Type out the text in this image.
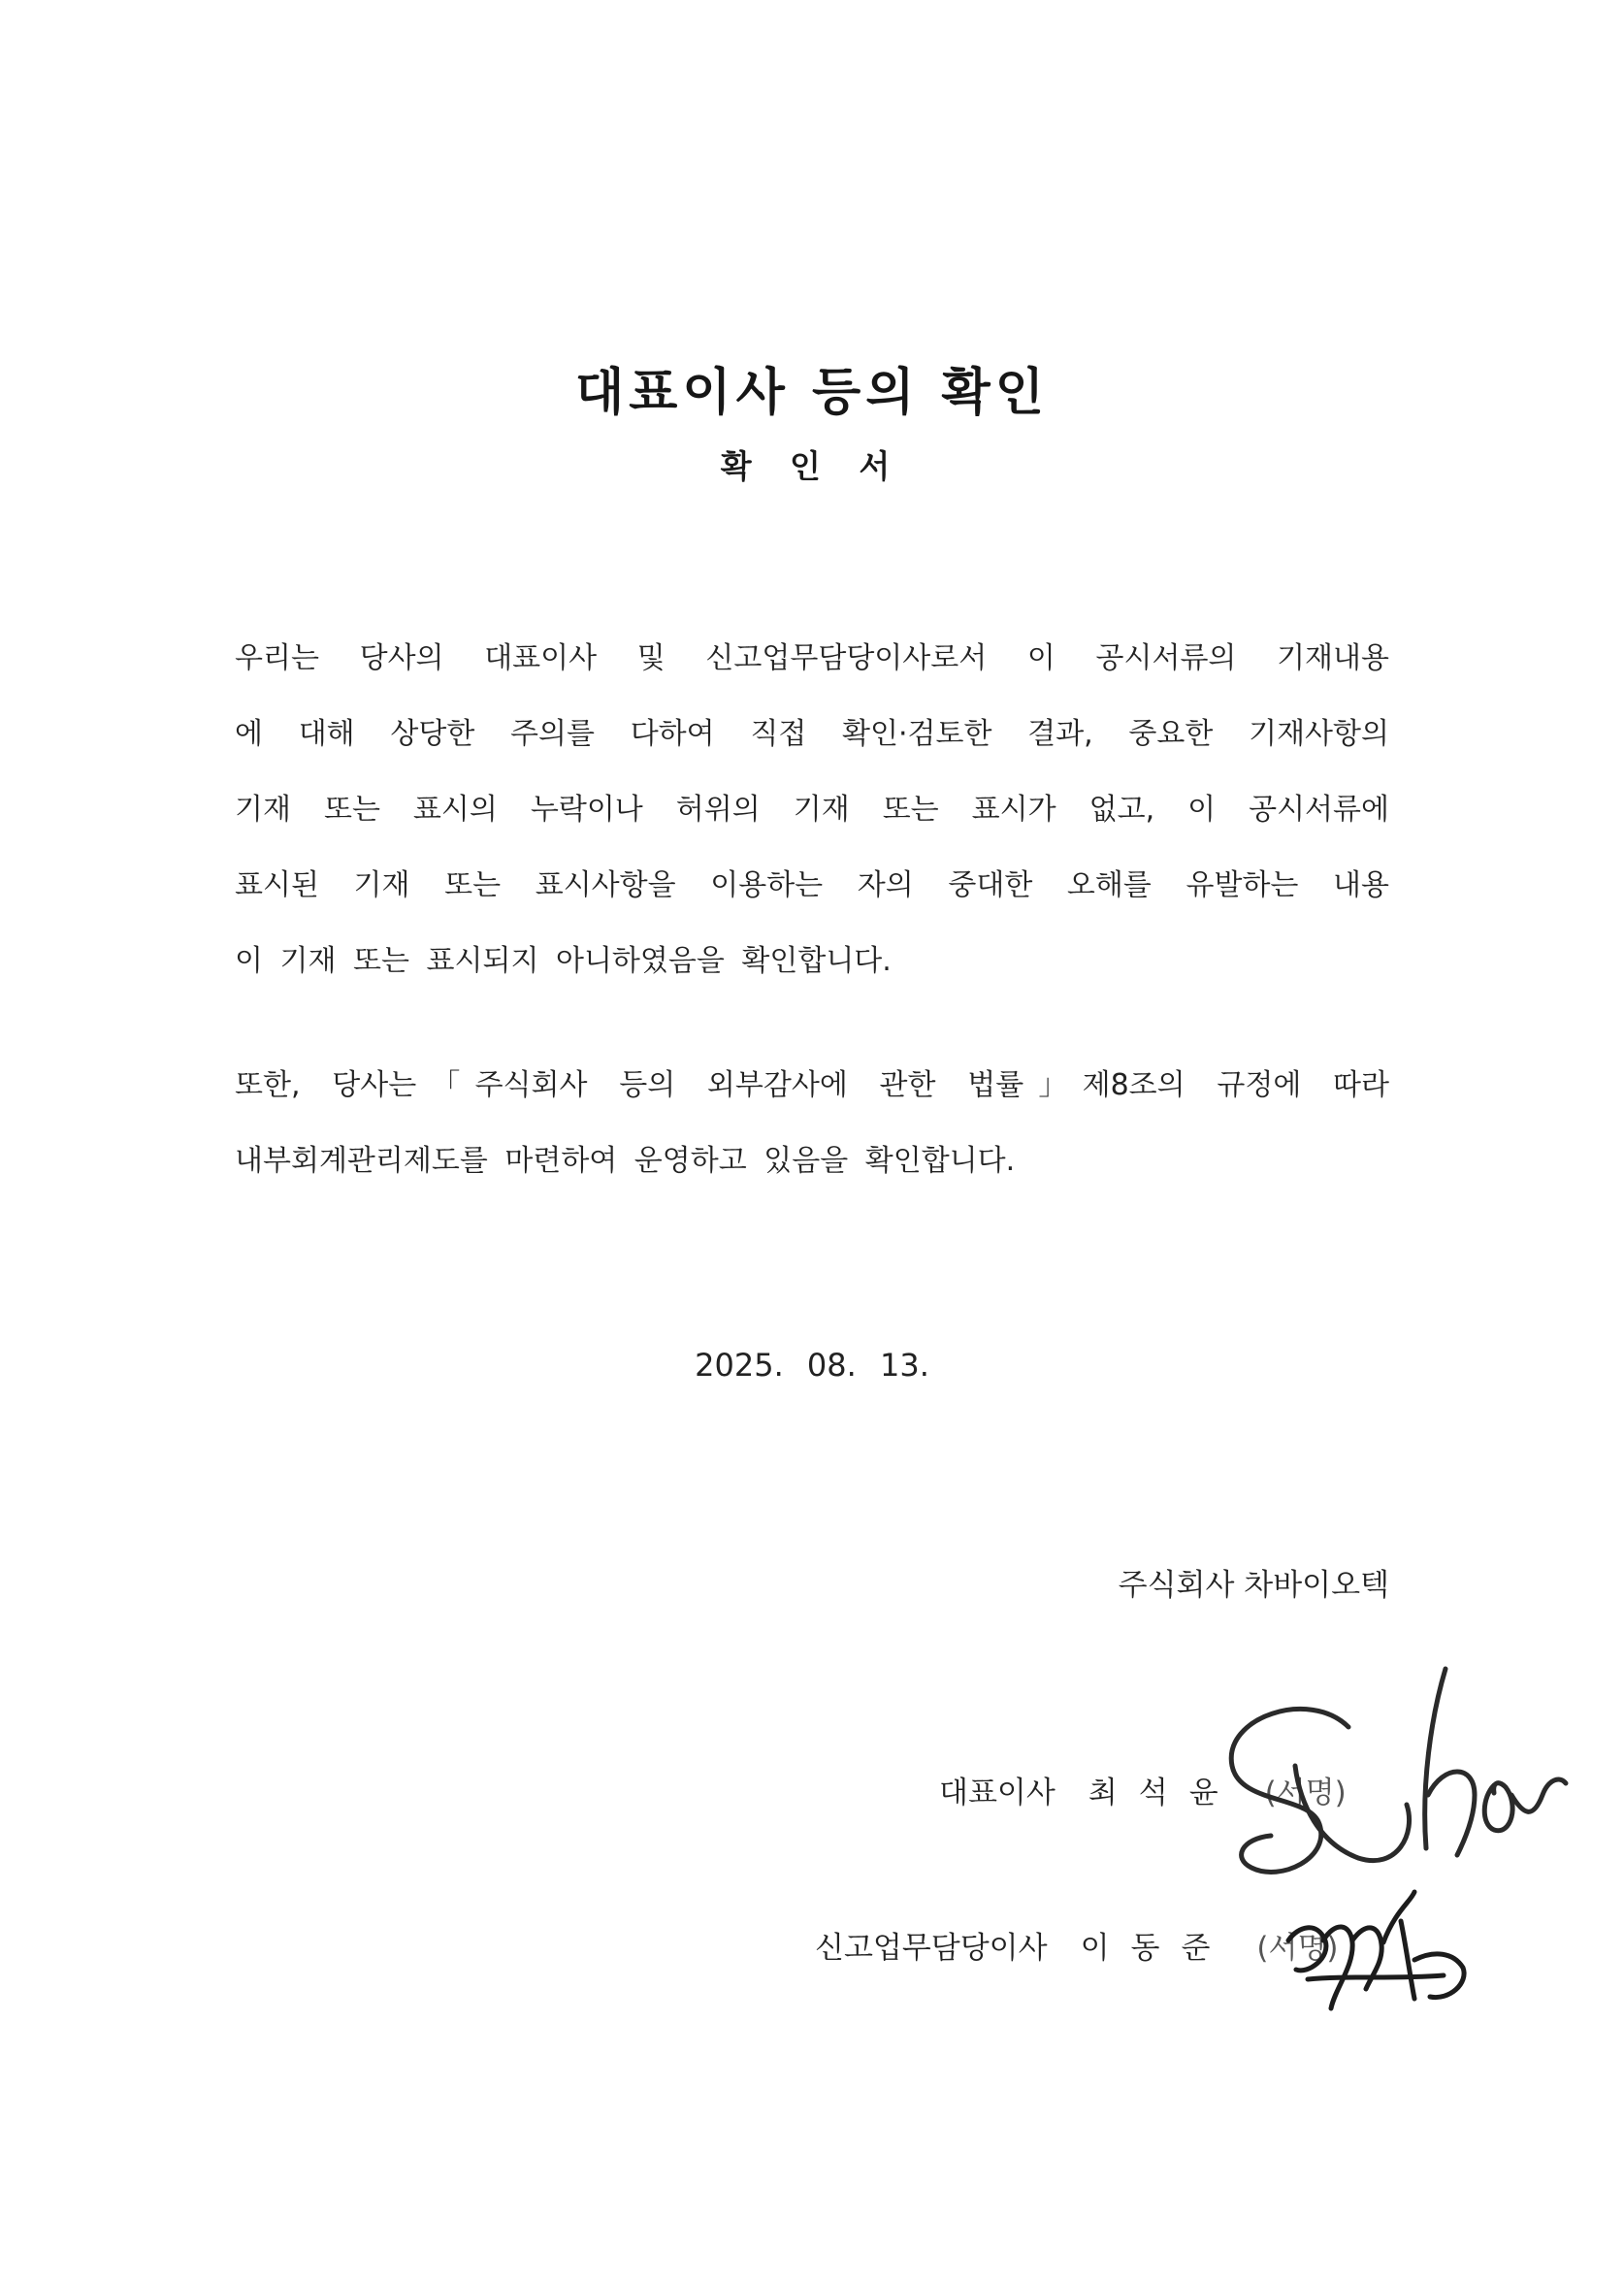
대표이사 등의 확인
확 인 서
우리는 당사의 대표이사 및 신고업무담당이사로서 이 공시서류의 기재내용
에 대해 상당한 주의를 다하여 직접 확인·검토한 결과, 중요한 기재사항의
기재 또는 표시의 누락이나 허위의 기재 또는 표시가 없고, 이 공시서류에
표시된 기재 또는 표시사항을 이용하는 자의 중대한 오해를 유발하는 내용
이 기재 또는 표시되지 아니하였음을 확인합니다.
또한, 당사는「주식회사 등의 외부감사에 관한 법률」제8조의 규정에 따라
내부회계관리제도를 마련하여 운영하고 있음을 확인합니다.
2025. 08. 13.
주식회사 차바이오텍
대표이사 최석윤 (서명)
신고업무담당이사 이동준 (서명)
